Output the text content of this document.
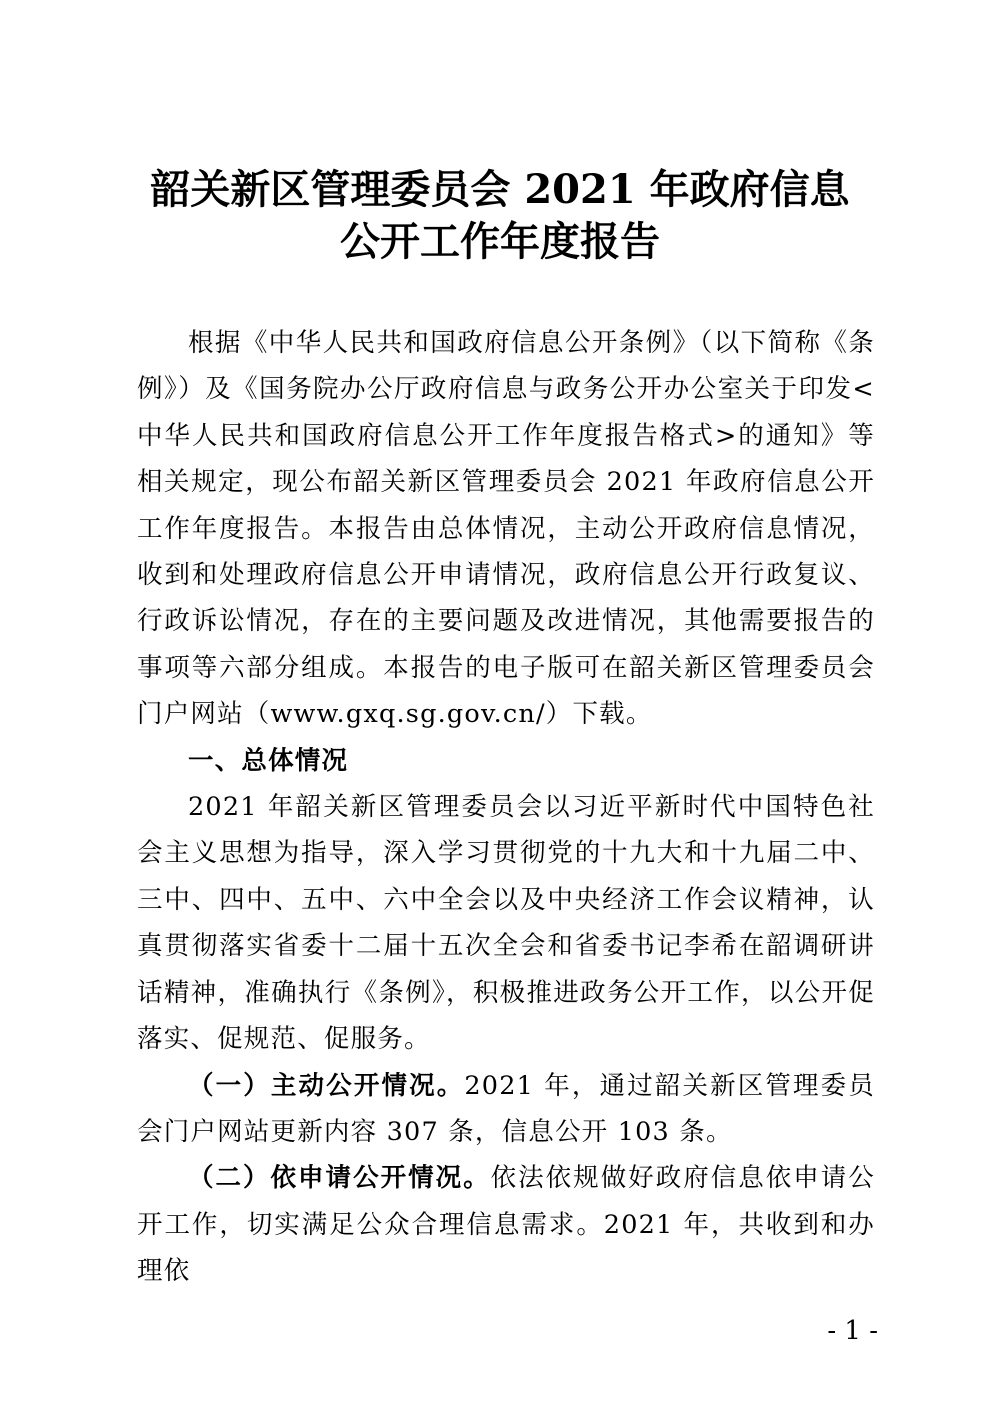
韶关新区管理委员会 2021 年政府信息
公开工作年度报告

根据《中华人民共和国政府信息公开条例》（以下简称《条例》）及《国务院办公厅政府信息与政务公开办公室关于印发<中华人民共和国政府信息公开工作年度报告格式>的通知》等相关规定，现公布韶关新区管理委员会 2021 年政府信息公开工作年度报告。本报告由总体情况，主动公开政府信息情况，收到和处理政府信息公开申请情况，政府信息公开行政复议、行政诉讼情况，存在的主要问题及改进情况，其他需要报告的事项等六部分组成。本报告的电子版可在韶关新区管理委员会门户网站（www.gxq.sg.gov.cn/）下载。

一、总体情况

2021 年韶关新区管理委员会以习近平新时代中国特色社会主义思想为指导，深入学习贯彻党的十九大和十九届二中、三中、四中、五中、六中全会以及中央经济工作会议精神，认真贯彻落实省委十二届十五次全会和省委书记李希在韶调研讲话精神，准确执行《条例》，积极推进政务公开工作，以公开促落实、促规范、促服务。

（一）主动公开情况。2021 年，通过韶关新区管理委员会门户网站更新内容 307 条，信息公开 103 条。

（二）依申请公开情况。依法依规做好政府信息依申请公开工作，切实满足公众合理信息需求。2021 年，共收到和办理依

- 1 -
